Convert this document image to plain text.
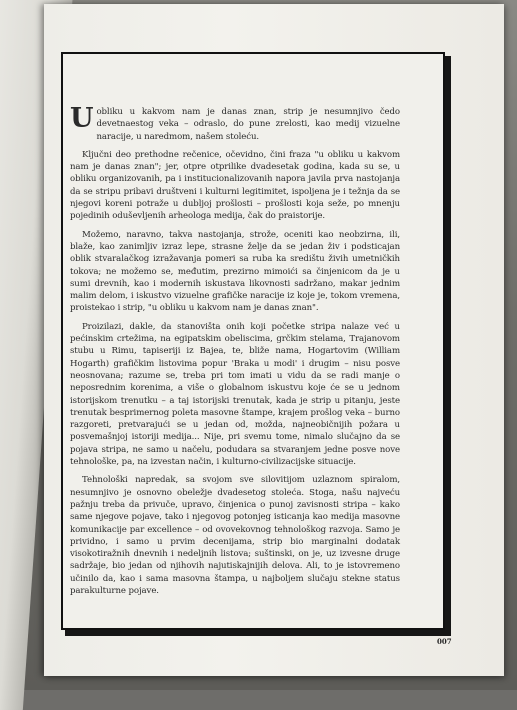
U obliku u kakvom nam je danas znan, strip je nesumnjivo čedo devetnaestog veka – odraslo, do pune zrelosti, kao medij vizuelne naracije, u naredmom, našem stoleću.

Ključni deo prethodne rečenice, očevidno, čini fraza "u obliku u kakvom nam je danas znan"; jer, otpre otprilike dvadesetak godina, kada su se, u obliku organizovanih, pa i institucionalizovanih napora javila prva nastojanja da se stripu pribavi društveni i kulturni legitimitet, ispoljena je i težnja da se njegovi koreni potraže u dubljoj prošlosti – prošlosti koja seže, po mnenju pojedinih oduševljenih arheologa medija, čak do praistorije.

Možemo, naravno, takva nastojanja, strože, oceniti kao neobzirna, ili, blaže, kao zanimljiv izraz lepe, strasne želje da se jedan živ i podsticajan oblik stvaralačkog izražavanja pomeri sa ruba ka središtu živih umetničkih tokova; ne možemo se, međutim, prezirno mimoići sa činjenicom da je u sumi drevnih, kao i modernih iskustava likovnosti sadržano, makar jednim malim delom, i iskustvo vizuelne grafičke naracije iz koje je, tokom vremena, proistekao i strip, "u obliku u kakvom nam je danas znan".

Proizilazi, dakle, da stanovišta onih koji početke stripa nalaze već u pećinskim crtežima, na egipatskim obeliscima, grčkim stelama, Trajanovom stubu u Rimu, tapiseriji iz Bajea, te, bliže nama, Hogartovim (William Hogarth) grafičkim listovima popur 'Braka u modi' i drugim – nisu posve neosnovana; razume se, treba pri tom imati u vidu da se radi manje o neposrednim korenima, a više o globalnom iskustvu koje će se u jednom istorijskom trenutku – a taj istorijski trenutak, kada je strip u pitanju, jeste trenutak besprimernog poleta masovne štampe, krajem prošlog veka – burno razgoreti, pretvarajući se u jedan od, možda, najneobičnijih požara u posvemašnjoj istoriji medija... Nije, pri svemu tome, nimalo slučajno da se pojava stripa, ne samo u načelu, podudara sa stvaranjem jedne posve nove tehnološke, pa, na izvestan način, i kulturno-civilizacijske situacije.

Tehnološki napredak, sa svojom sve silovitijom uzlaznom spiralom, nesumnjivo je osnovno obeležje dvadesetog stoleća. Stoga, našu najveću pažnju treba da privuče, upravo, činjenica o punoj zavisnosti stripa – kako same njegove pojave, tako i njegovog potonjeg isticanja kao medija masovne komunikacije par excellence – od ovovekovnog tehnološkog razvoja. Samo je prividno, i samo u prvim decenijama, strip bio marginalni dodatak visokotiražnih dnevnih i nedeljnih listova; suštinski, on je, uz izvesne druge sadržaje, bio jedan od njihovih najutiskajnijih delova. Ali, to je istovremeno učinilo da, kao i sama masovna štampa, u najboljem slučaju stekne status parakulturne pojave.

007
